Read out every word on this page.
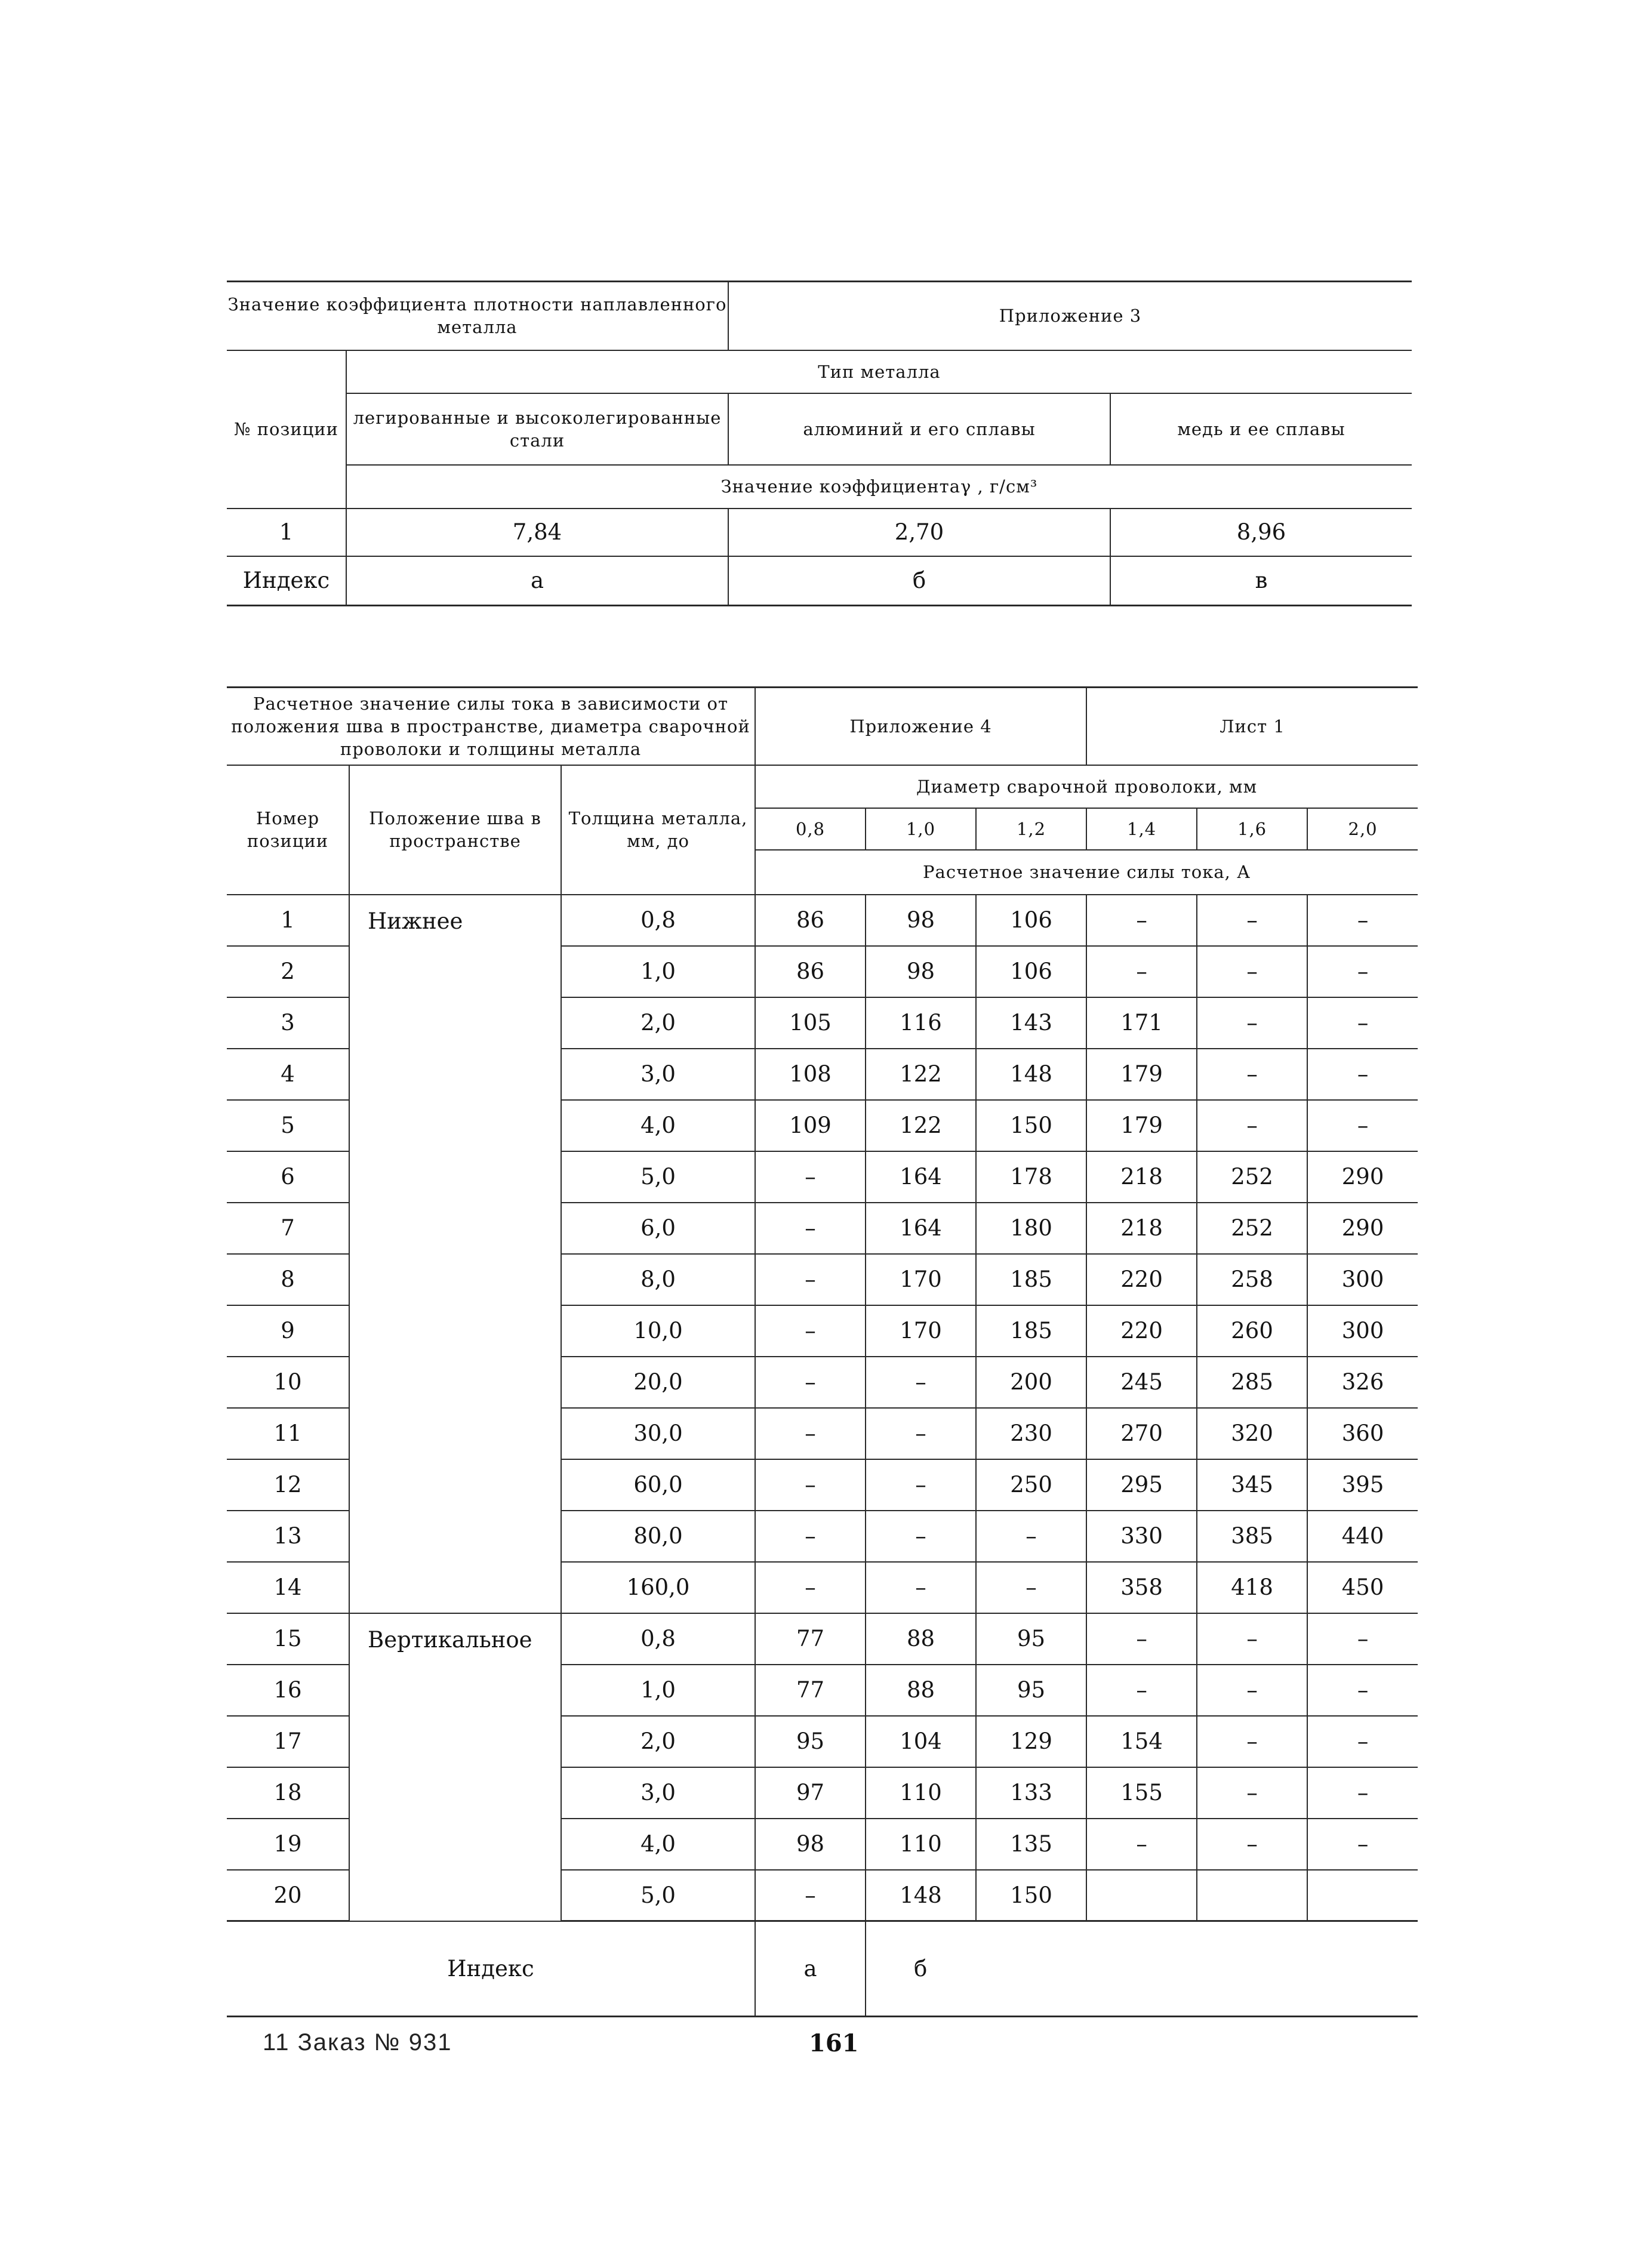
Значение коэффициента плотности наплавленного металла		Приложение 3	
№ позиции	Тип металла		
	легированные и высоколегированные стали	алюминий и его сплавы	медь и ее сплавы
	Значение коэффициентаγ , г/см³		
1	7,84	2,70	8,96
Индекс	а	б	в
Расчетное значение силы тока в зависимости от положения шва в пространстве, диаметра сварочной проволоки и толщины металла			Приложение 4			Лист 1		
Номер позиции	Положение шва в пространстве	Толщина металла, мм, до	Диаметр сварочной проволоки, мм					
			0,8	1,0	1,2	1,4	1,6	2,0
			Расчетное значение силы тока, А					
1	Нижнее	0,8	86	98	106	–	–	–
2		1,0	86	98	106	–	–	–
3		2,0	105	116	143	171	–	–
4		3,0	108	122	148	179	–	–
5		4,0	109	122	150	179	–	–
6		5,0	–	164	178	218	252	290
7		6,0	–	164	180	218	252	290
8		8,0	–	170	185	220	258	300
9		10,0	–	170	185	220	260	300
10		20,0	–	–	200	245	285	326
11		30,0	–	–	230	270	320	360
12		60,0	–	–	250	295	345	395
13		80,0	–	–	–	330	385	440
14		160,0	–	–	–	358	418	450
15	Вертикальное	0,8	77	88	95	–	–	–
16		1,0	77	88	95	–	–	–
17		2,0	95	104	129	154	–	–
18		3,0	97	110	133	155	–	–
19		4,0	98	110	135	–	–	–
20		5,0	–	148	150			
Индекс			а	б				
11 Заказ № 931	161
